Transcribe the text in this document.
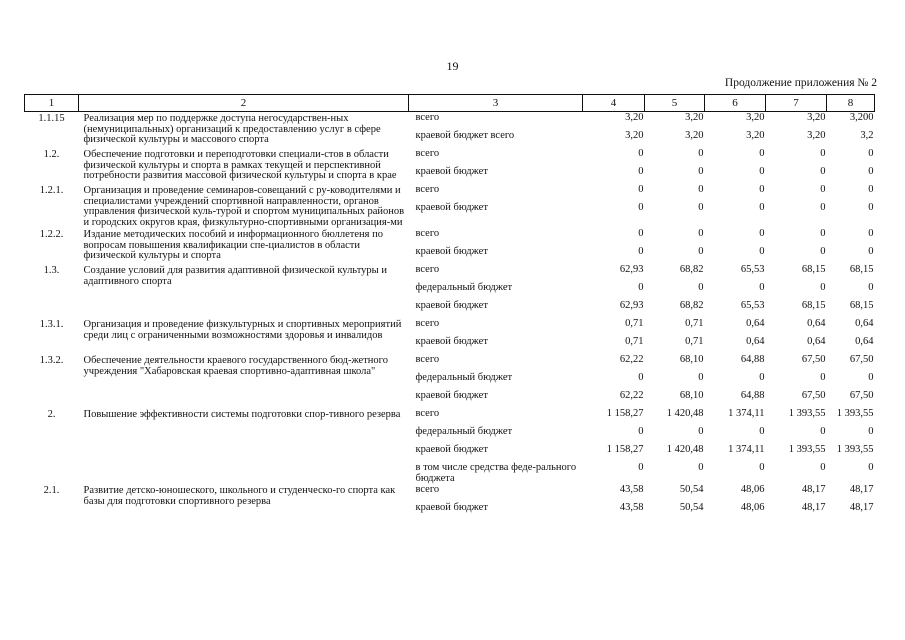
19
Продолжение приложения № 2
1	2	3	4	5	6	7	8
1.1.15	Реализация мер по поддержке доступа негосударствен-ных (немуниципальных) организаций к предоставлению услуг в сфере физической культуры и массового спорта	
всего	3,20	3,20	3,20	3,20	3,200
краевой бюджет всего	3,20	3,20	3,20	3,20	3,2

1.2.	Обеспечение подготовки и переподготовки специали-стов в области физической культуры и спорта в рамках текущей и перспективной потребности развития массовой физической культуры и спорта в крае	
всего	0	0	0	0	0
краевой бюджет	0	0	0	0	0

1.2.1.	Организация и проведение семинаров-совещаний с ру-ководителями и специалистами учреждений спортивной направленности, органов управления физической куль-турой и спортом муниципальных районов и городских округов края, физкультурно-спортивными организация-ми	
всего	0	0	0	0	0
краевой бюджет	0	0	0	0	0

1.2.2.	Издание методических пособий и информационного бюллетеня по вопросам повышения квалификации спе-циалистов в области физической культуры и спорта	
всего	0	0	0	0	0
краевой бюджет	0	0	0	0	0

1.3.	Создание условий для развития адаптивной физической культуры и адаптивного спорта	
всего	62,93	68,82	65,53	68,15	68,15
федеральный бюджет	0	0	0	0	0
краевой бюджет	62,93	68,82	65,53	68,15	68,15

1.3.1.	Организация и проведение физкультурных и спортивных мероприятий среди лиц с ограниченными возможностями здоровья и инвалидов	
всего	0,71	0,71	0,64	0,64	0,64
краевой бюджет	0,71	0,71	0,64	0,64	0,64

1.3.2.	Обеспечение деятельности краевого государственного бюд-жетного учреждения "Хабаровская краевая спортивно-адаптивная школа"	
всего	62,22	68,10	64,88	67,50	67,50
федеральный бюджет	0	0	0	0	0
краевой бюджет	62,22	68,10	64,88	67,50	67,50

2.	Повышение эффективности системы подготовки спор-тивного резерва	всего	1 158,27	1 420,48	1 374,11	1 393,55	1 393,55
федеральный бюджет	0	0	0	0	0
краевой бюджет	1 158,27	1 420,48	1 374,11	1 393,55	1 393,55
в том числе средства феде-рального бюджета	0	0	0	0	0

2.1.	Развитие детско-юношеского, школьного и студенческо-го спорта как базы для подготовки спортивного резерва	
всего	43,58	50,54	48,06	48,17	48,17
краевой бюджет	43,58	50,54	48,06	48,17	48,17
